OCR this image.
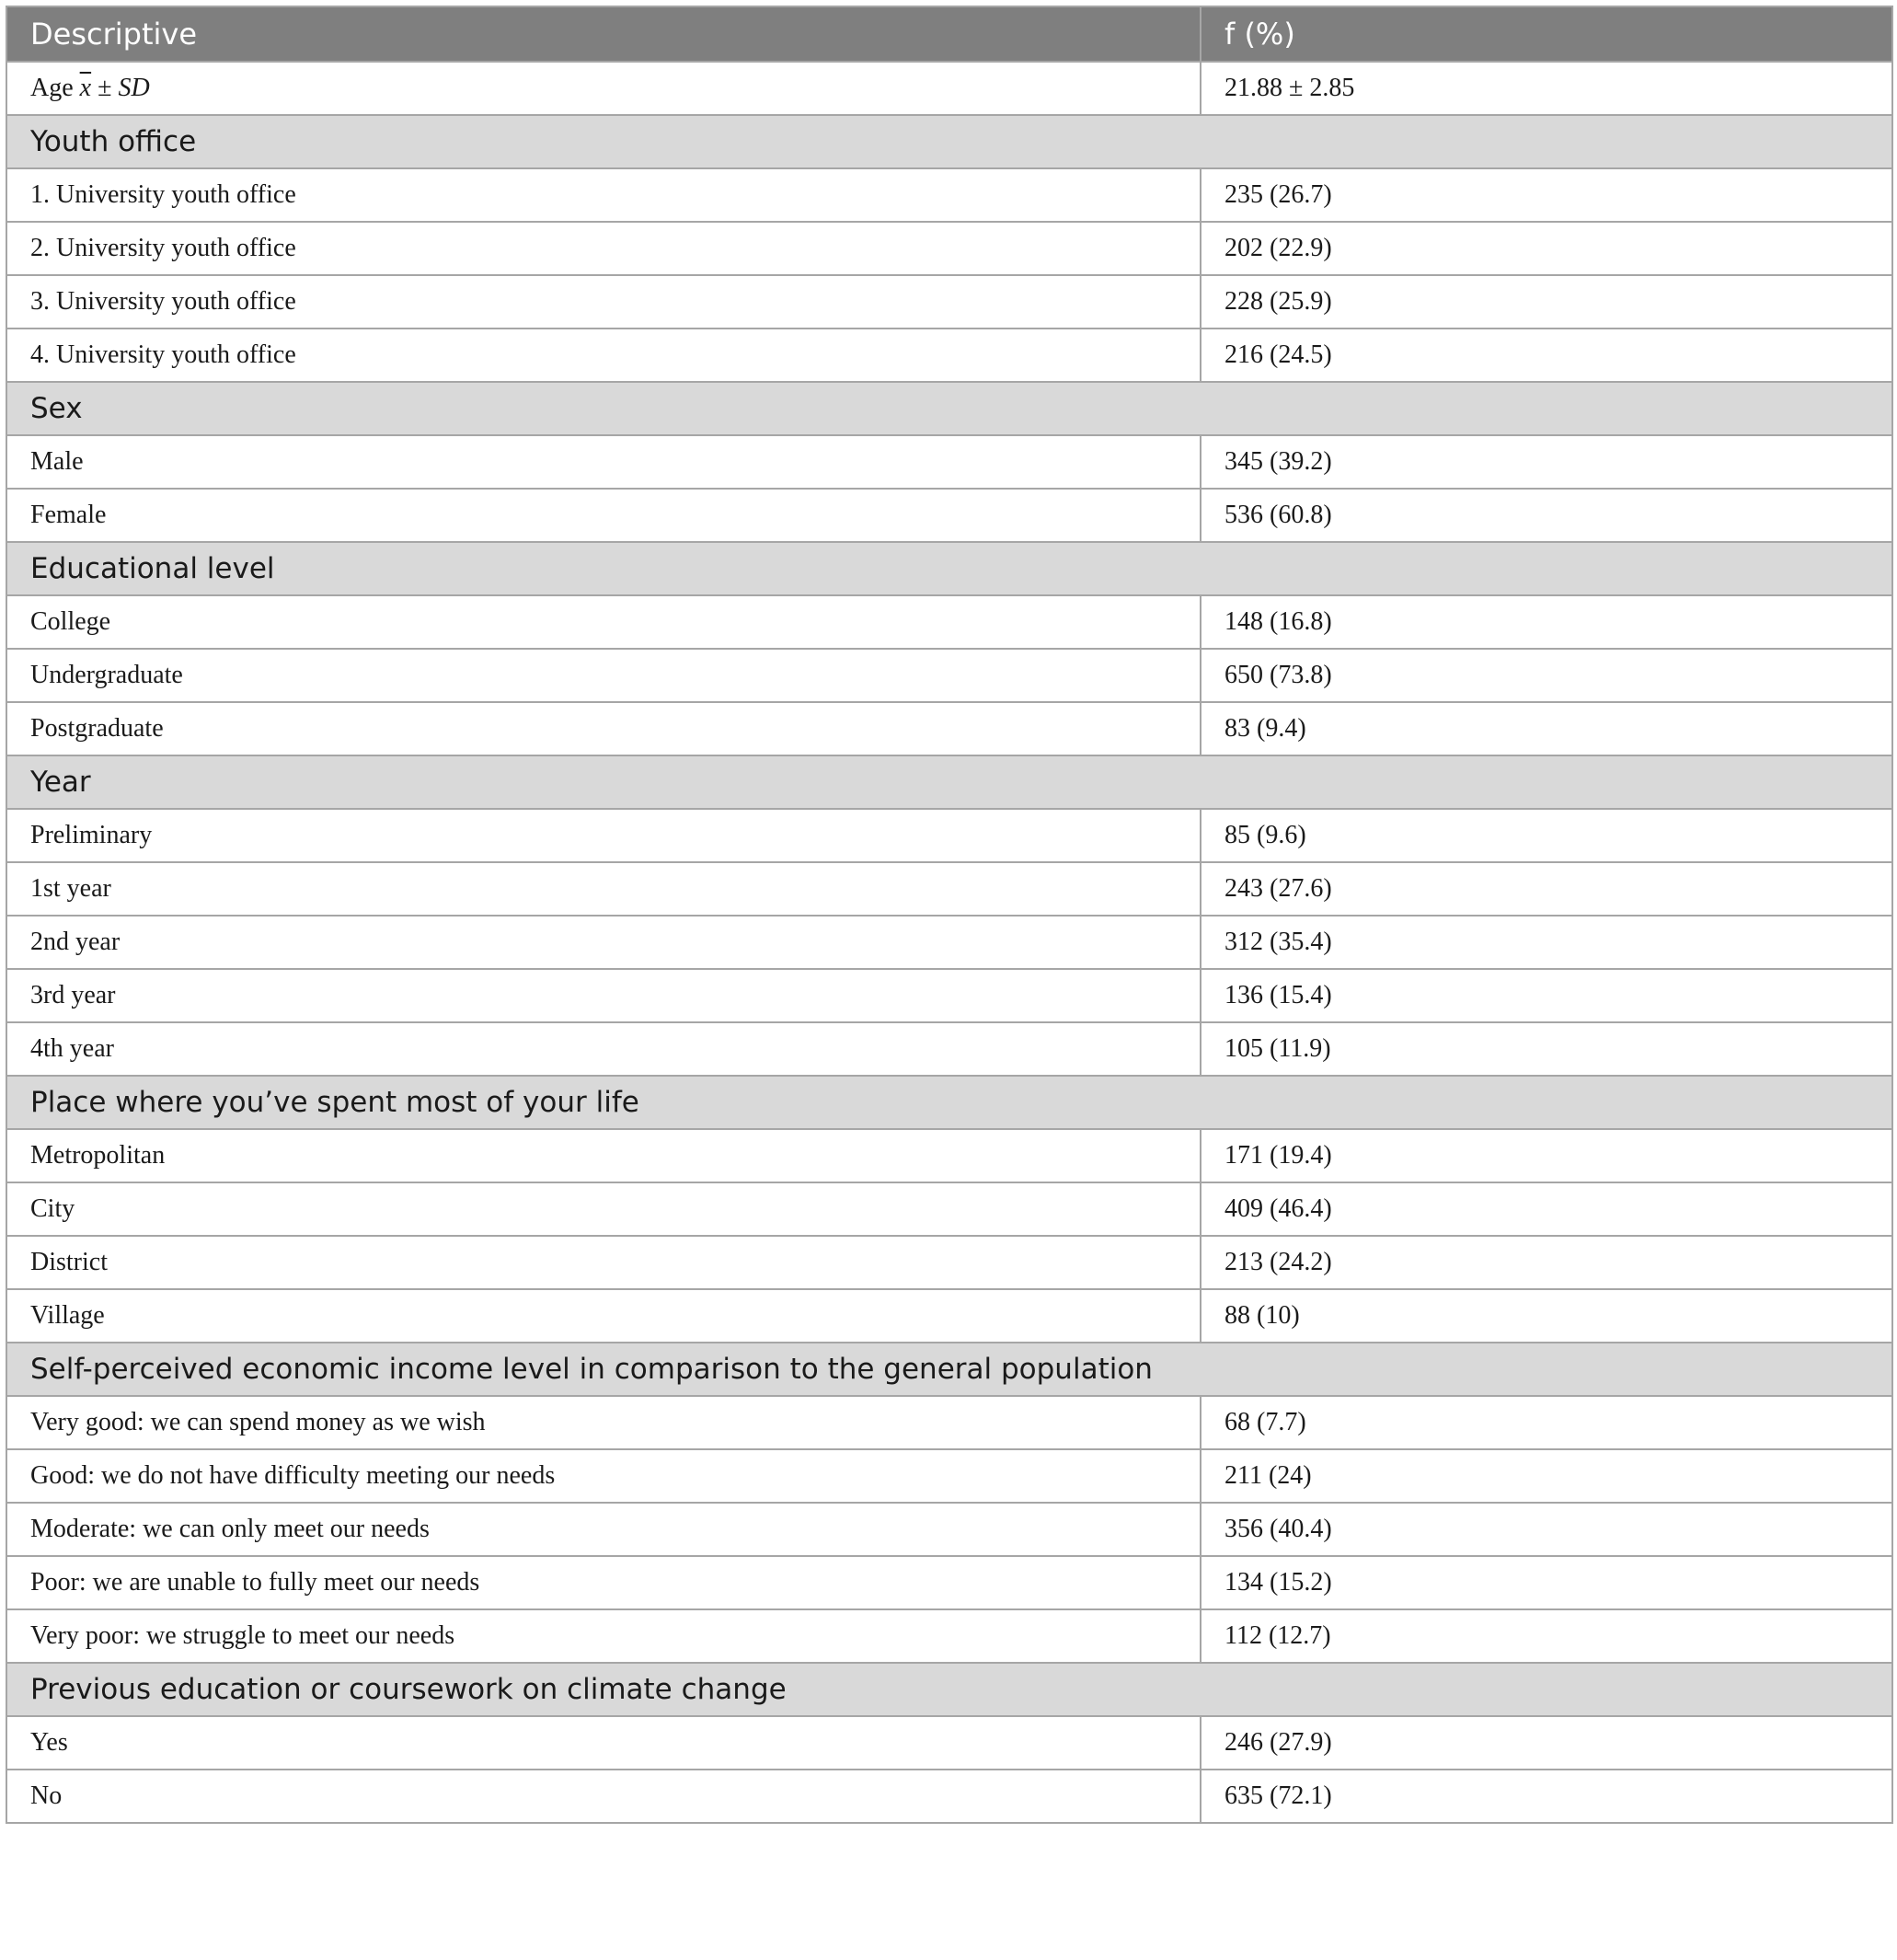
Descriptive	f (%)
Age $\overline{x}$ ± SD	21.88 ± 2.85
Youth office	
1. University youth office	235 (26.7)
2. University youth office	202 (22.9)
3. University youth office	228 (25.9)
4. University youth office	216 (24.5)
Sex	
Male	345 (39.2)
Female	536 (60.8)
Educational level	
College	148 (16.8)
Undergraduate	650 (73.8)
Postgraduate	83 (9.4)
Year	
Preliminary	85 (9.6)
1st year	243 (27.6)
2nd year	312 (35.4)
3rd year	136 (15.4)
4th year	105 (11.9)
Place where you’ve spent most of your life	
Metropolitan	171 (19.4)
City	409 (46.4)
District	213 (24.2)
Village	88 (10)
Self-perceived economic income level in comparison to the general population	
Very good: we can spend money as we wish	68 (7.7)
Good: we do not have difficulty meeting our needs	211 (24)
Moderate: we can only meet our needs	356 (40.4)
Poor: we are unable to fully meet our needs	134 (15.2)
Very poor: we struggle to meet our needs	112 (12.7)
Previous education or coursework on climate change	
Yes	246 (27.9)
No	635 (72.1)
